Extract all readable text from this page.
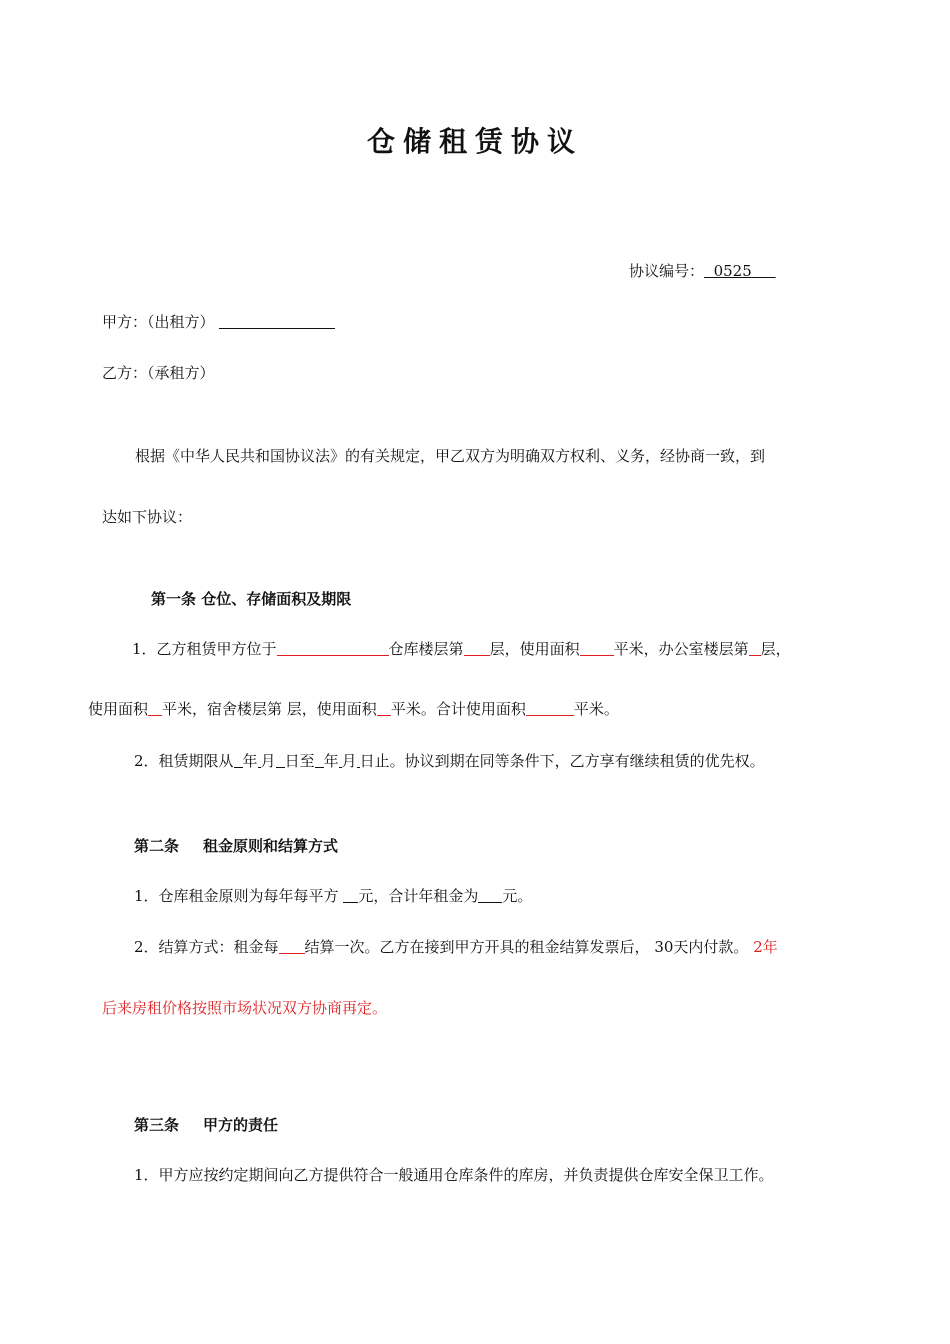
仓储租赁协议
协议编号： 0525
甲方：（出租方）
乙方：（承租方）
根据《中华人民共和国协议法》的有关规定，甲乙双方为明确双方权利、义务，经协商一致，到
达如下协议：
第一条 仓位、存储面积及期限
1．乙方租赁甲方位于	仓库楼层第 层，使用面积 平米，办公室楼层第 层，
使用面积 平米，宿舍楼层第 层，使用面积 平米。合计使用面积	平米。
2．租赁期限从 年 月 日至 年 月 日止。协议到期在同等条件下，乙方享有继续租赁的优先权。
第二条 租金原则和结算方式
1．仓库租金原则为每年每平方 元，合计年租金为 元。
2．结算方式：租金每 结算一次。乙方在接到甲方开具的租金结算发票后， 30天内付款。 2年
后来房租价格按照市场状况双方协商再定。
第三条 甲方的责任
1．甲方应按约定期间向乙方提供符合一般通用仓库条件的库房，并负责提供仓库安全保卫工作。
